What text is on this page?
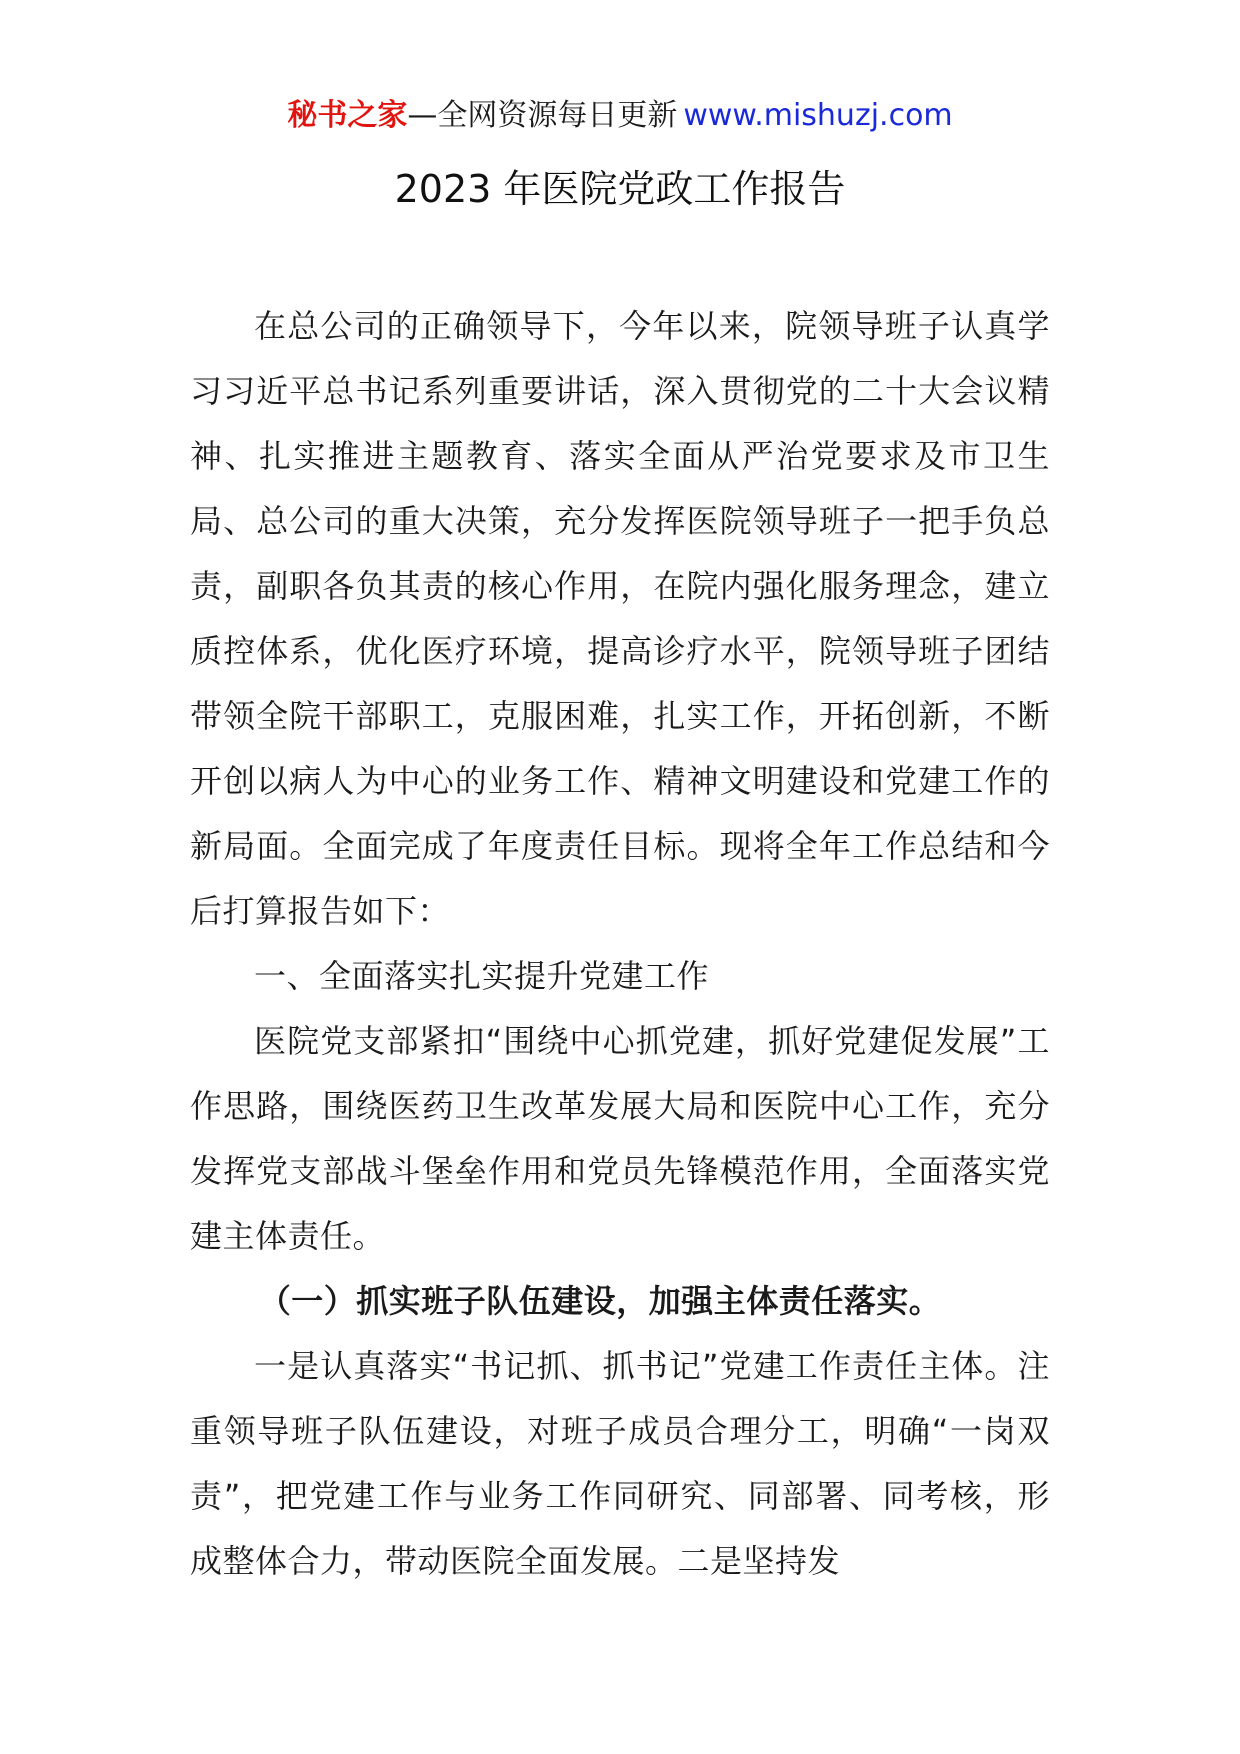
秘书之家—全网资源每日更新 www.mishuzj.com
2023 年医院党政工作报告

在总公司的正确领导下，今年以来，院领导班子认真学习习近平总书记系列重要讲话，深入贯彻党的二十大会议精神、扎实推进主题教育、落实全面从严治党要求及市卫生局、总公司的重大决策，充分发挥医院领导班子一把手负总责，副职各负其责的核心作用，在院内强化服务理念，建立质控体系，优化医疗环境，提高诊疗水平，院领导班子团结带领全院干部职工，克服困难，扎实工作，开拓创新，不断开创以病人为中心的业务工作、精神文明建设和党建工作的新局面。全面完成了年度责任目标。现将全年工作总结和今后打算报告如下：

一、全面落实扎实提升党建工作

医院党支部紧扣“围绕中心抓党建，抓好党建促发展”工作思路，围绕医药卫生改革发展大局和医院中心工作，充分发挥党支部战斗堡垒作用和党员先锋模范作用，全面落实党建主体责任。

（一）抓实班子队伍建设，加强主体责任落实。

一是认真落实“书记抓、抓书记”党建工作责任主体。注重领导班子队伍建设，对班子成员合理分工，明确“一岗双责”，把党建工作与业务工作同研究、同部署、同考核，形成整体合力，带动医院全面发展。二是坚持发
